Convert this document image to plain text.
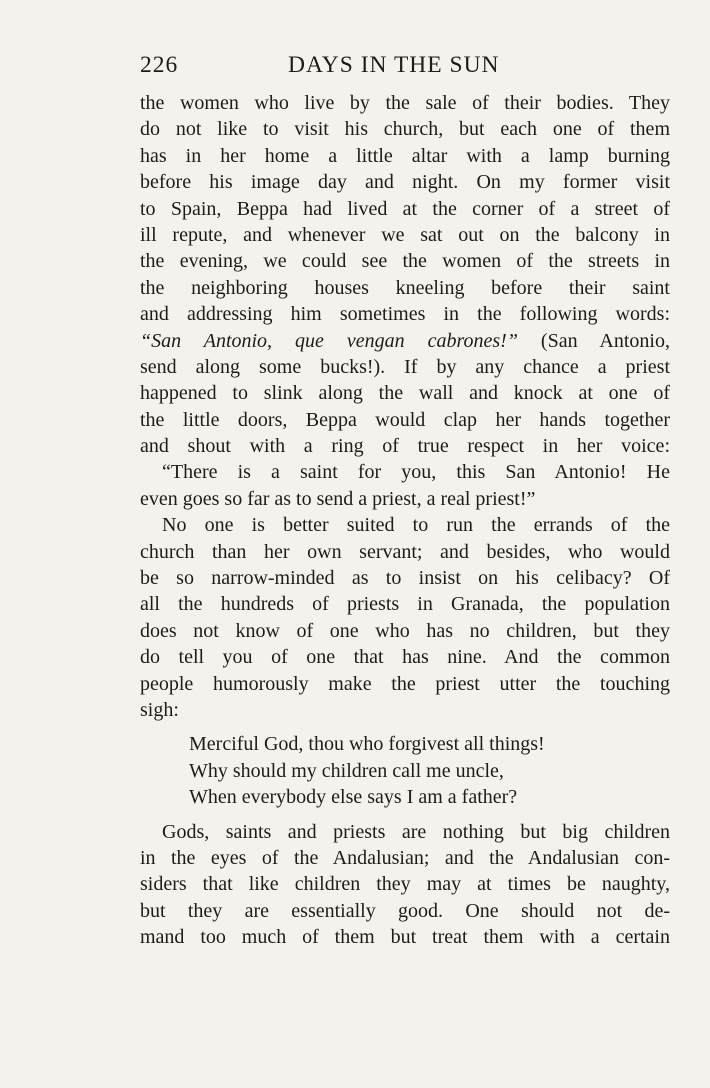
226	DAYS IN THE SUN
the women who live by the sale of their bodies. They
do not like to visit his church, but each one of them
has in her home a little altar with a lamp burning
before his image day and night. On my former visit
to Spain, Beppa had lived at the corner of a street of
ill repute, and whenever we sat out on the balcony in
the evening, we could see the women of the streets in
the neighboring houses kneeling before their saint
and addressing him sometimes in the following words:
“San Antonio, que vengan cabrones!” (San Antonio,
send along some bucks!). If by any chance a priest
happened to slink along the wall and knock at one of
the little doors, Beppa would clap her hands together
and shout with a ring of true respect in her voice:
“There is a saint for you, this San Antonio! He
even goes so far as to send a priest, a real priest!”
No one is better suited to run the errands of the
church than her own servant; and besides, who would
be so narrow-minded as to insist on his celibacy? Of
all the hundreds of priests in Granada, the population
does not know of one who has no children, but they
do tell you of one that has nine. And the common
people humorously make the priest utter the touching
sigh:
Merciful God, thou who forgivest all things!
Why should my children call me uncle,
When everybody else says I am a father?
Gods, saints and priests are nothing but big children
in the eyes of the Andalusian; and the Andalusian con-
siders that like children they may at times be naughty,
but they are essentially good. One should not de-
mand too much of them but treat them with a certain
